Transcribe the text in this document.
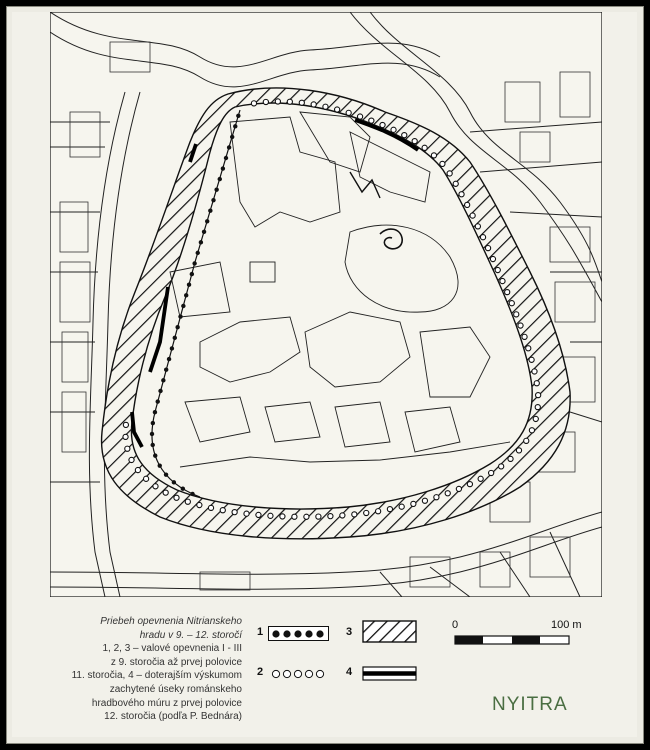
Priebeh opevnenia Nitrianskeho
hradu v 9. – 12. storočí
1, 2, 3 – valové opevnenia I - III
z 9. storočia až prvej polovice
11. storočia, 4 – doterajším výskumom
zachytené úseky románskeho
hradbového múru z prvej polovice
12. storočia (podľa P. Bednára)
1
2
3
4
0	100 m
NYITRA
